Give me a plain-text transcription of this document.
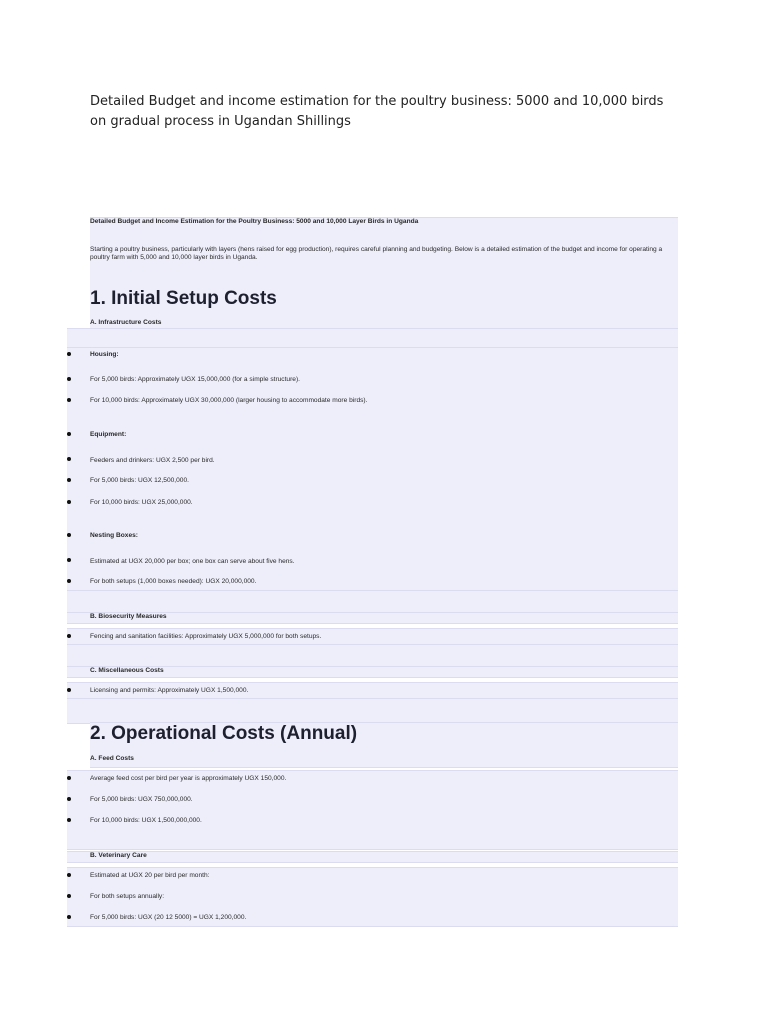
Detailed Budget and income estimation for the poultry business: 5000 and 10,000 birds on gradual process in Ugandan Shillings
Detailed Budget and Income Estimation for the Poultry Business: 5000 and 10,000 Layer Birds in Uganda
Starting a poultry business, particularly with layers (hens raised for egg production), requires careful planning and budgeting. Below is a detailed estimation of the budget and income for operating a poultry farm with 5,000 and 10,000 layer birds in Uganda.
1. Initial Setup Costs
A. Infrastructure Costs
Housing:
For 5,000 birds: Approximately UGX 15,000,000 (for a simple structure).
For 10,000 birds: Approximately UGX 30,000,000 (larger housing to accommodate more birds).
Equipment:
Feeders and drinkers: UGX 2,500 per bird.
For 5,000 birds: UGX 12,500,000.
For 10,000 birds: UGX 25,000,000.
Nesting Boxes:
Estimated at UGX 20,000 per box; one box can serve about five hens.
For both setups (1,000 boxes needed): UGX 20,000,000.
B. Biosecurity Measures
Fencing and sanitation facilities: Approximately UGX 5,000,000 for both setups.
C. Miscellaneous Costs
Licensing and permits: Approximately UGX 1,500,000.
2. Operational Costs (Annual)
A. Feed Costs
Average feed cost per bird per year is approximately UGX 150,000.
For 5,000 birds: UGX 750,000,000.
For 10,000 birds: UGX 1,500,000,000.
B. Veterinary Care
Estimated at UGX 20 per bird per month:
For both setups annually:
For 5,000 birds: UGX (20 12 5000) = UGX 1,200,000.
